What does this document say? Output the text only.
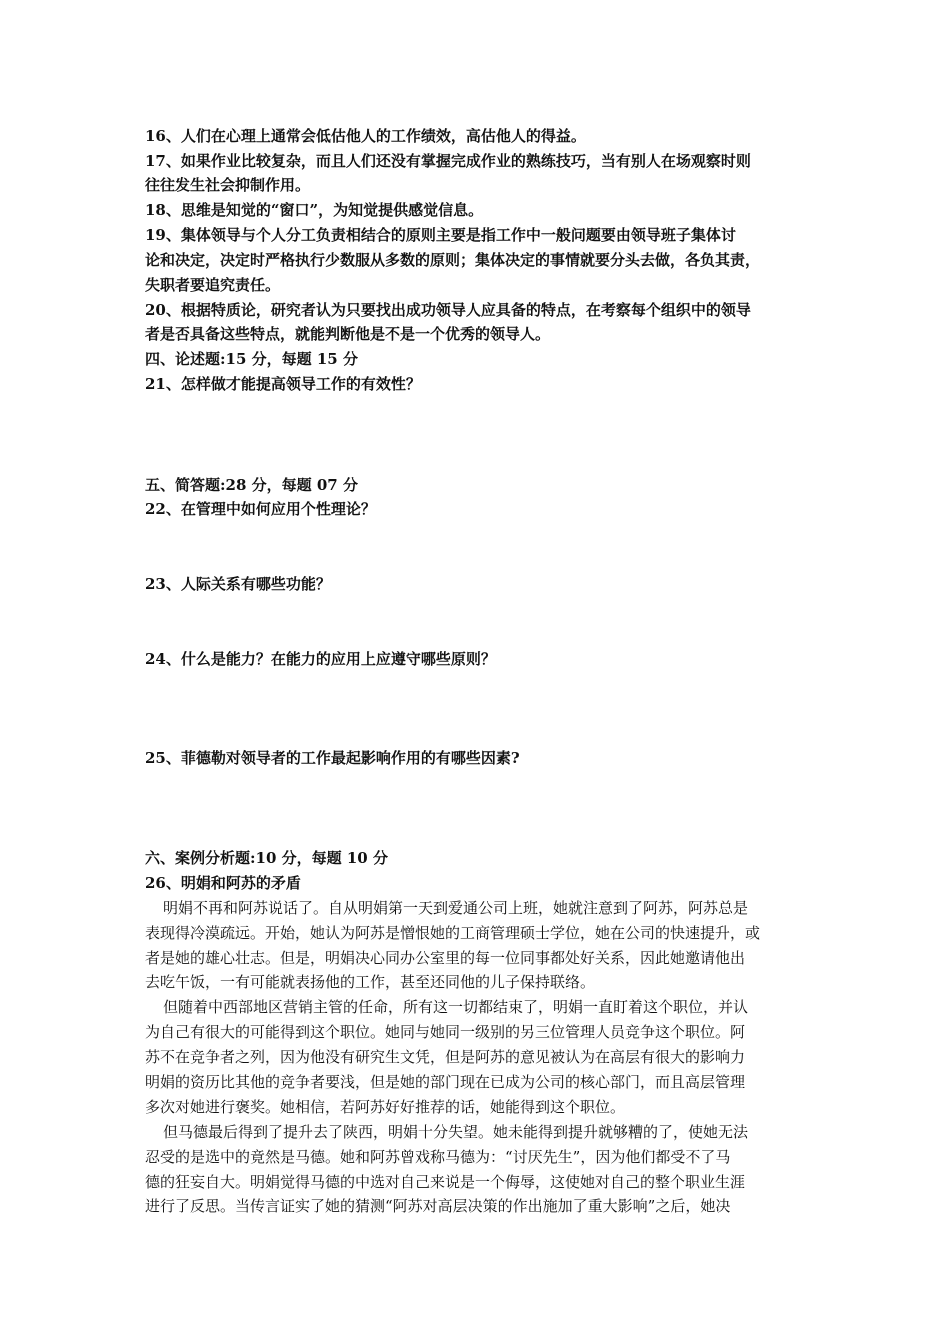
16、人们在心理上通常会低估他人的工作绩效，高估他人的得益。
17、如果作业比较复杂，而且人们还没有掌握完成作业的熟练技巧，当有别人在场观察时则
往往发生社会抑制作用。
18、思维是知觉的“窗口”，为知觉提供感觉信息。
19、集体领导与个人分工负责相结合的原则主要是指工作中一般问题要由领导班子集体讨
论和决定，决定时严格执行少数服从多数的原则；集体决定的事情就要分头去做，各负其责，
失职者要追究责任。
20、根据特质论，研究者认为只要找出成功领导人应具备的特点，在考察每个组织中的领导
者是否具备这些特点，就能判断他是不是一个优秀的领导人。
四、论述题:15 分，每题 15 分
21、怎样做才能提高领导工作的有效性？
五、简答题:28 分，每题 07 分
22、在管理中如何应用个性理论？
23、人际关系有哪些功能？
24、什么是能力？在能力的应用上应遵守哪些原则？
25、菲德勒对领导者的工作最起影响作用的有哪些因素?
六、案例分析题:10 分，每题 10 分
26、明娟和阿苏的矛盾
明娟不再和阿苏说话了。自从明娟第一天到爱通公司上班，她就注意到了阿苏，阿苏总是
表现得冷漠疏远。开始，她认为阿苏是憎恨她的工商管理硕士学位，她在公司的快速提升，或
者是她的雄心壮志。但是，明娟决心同办公室里的每一位同事都处好关系，因此她邀请他出
去吃午饭，一有可能就表扬他的工作，甚至还同他的儿子保持联络。
但随着中西部地区营销主管的任命，所有这一切都结束了，明娟一直盯着这个职位，并认
为自己有很大的可能得到这个职位。她同与她同一级别的另三位管理人员竞争这个职位。阿
苏不在竞争者之列，因为他没有研究生文凭，但是阿苏的意见被认为在高层有很大的影响力
明娟的资历比其他的竞争者要浅，但是她的部门现在已成为公司的核心部门，而且高层管理
多次对她进行褒奖。她相信，若阿苏好好推荐的话，她能得到这个职位。
但马德最后得到了提升去了陕西，明娟十分失望。她未能得到提升就够糟的了，使她无法
忍受的是选中的竟然是马德。她和阿苏曾戏称马德为：“讨厌先生”，因为他们都受不了马
德的狂妄自大。明娟觉得马德的中选对自己来说是一个侮辱，这使她对自己的整个职业生涯
进行了反思。当传言证实了她的猜测“阿苏对高层决策的作出施加了重大影响”之后，她决
